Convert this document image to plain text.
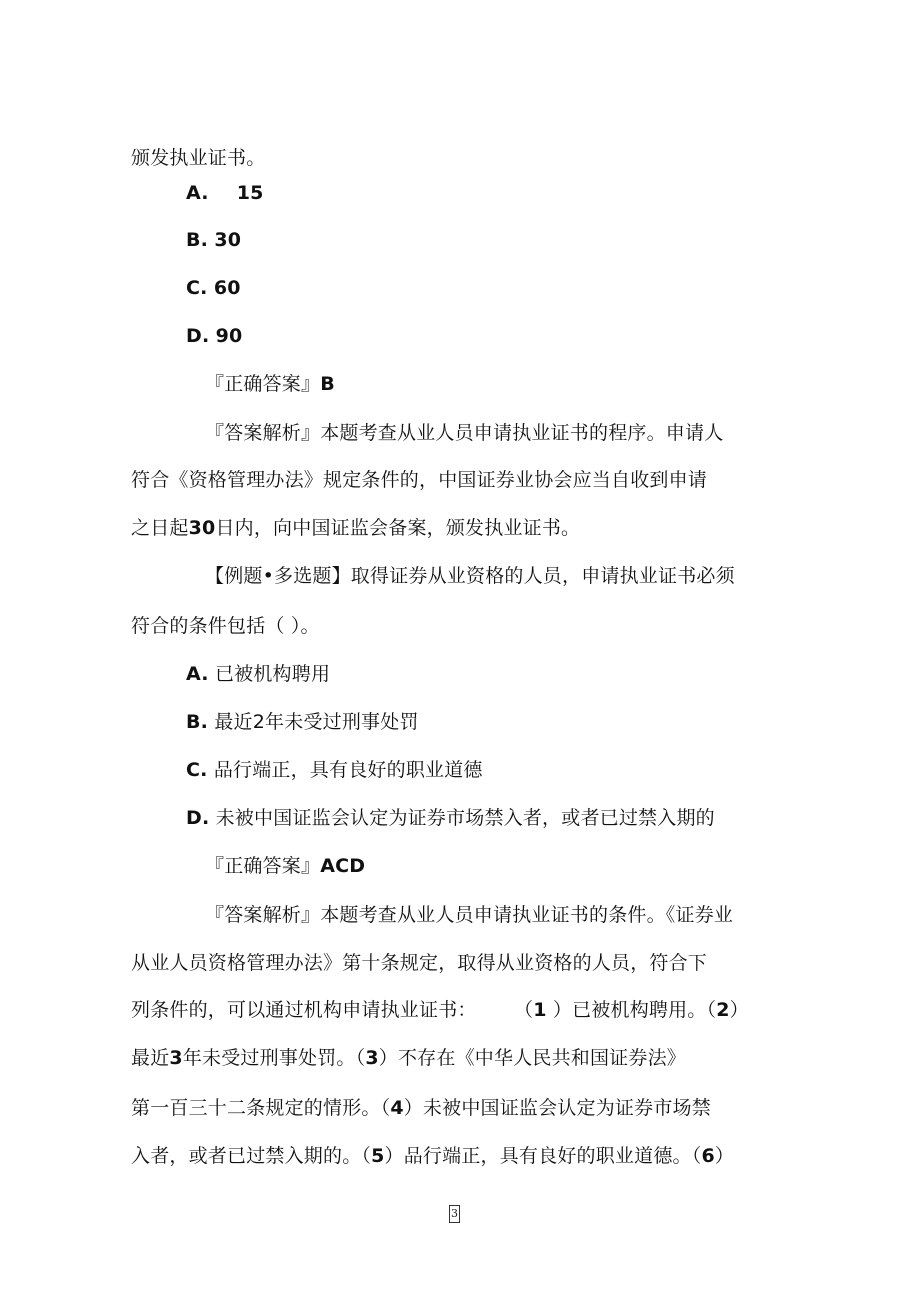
颁发执业证书。
A. 15
B. 30
C. 60
D. 90
『正确答案』B
『答案解析』本题考查从业人员申请执业证书的程序。申请人
符合《资格管理办法》规定条件的，中国证券业协会应当自收到申请
之日起30日内，向中国证监会备案，颁发执业证书。
【例题•多选题】取得证券从业资格的人员，申请执业证书必须
符合的条件包括（ ）。
A. 已被机构聘用
B. 最近2年未受过刑事处罚
C. 品行端正，具有良好的职业道德
D. 未被中国证监会认定为证券市场禁入者，或者已过禁入期的
『正确答案』ACD
『答案解析』本题考查从业人员申请执业证书的条件。《证券业
从业人员资格管理办法》第十条规定，取得从业资格的人员，符合下
列条件的，可以通过机构申请执业证书：      （1 ）已被机构聘用。（2）
最近3年未受过刑事处罚。（3）不存在《中华人民共和国证券法》
第一百三十二条规定的情形。（4）未被中国证监会认定为证券市场禁
入者，或者已过禁入期的。（5）品行端正，具有良好的职业道德。（6）
3
